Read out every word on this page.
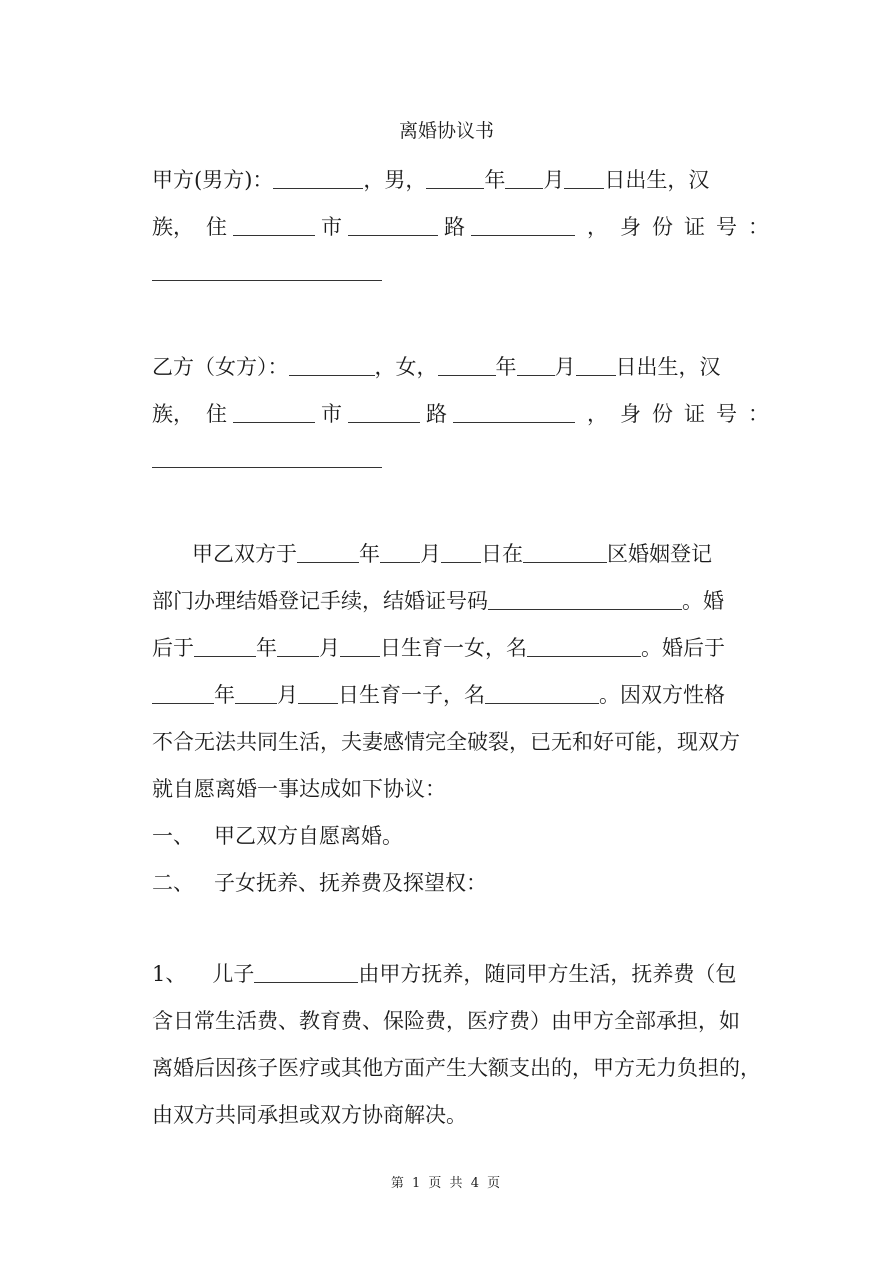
离婚协议书
甲方(男方)：	，男，	年 月 日出生，汉
族， 住	市	路	， 身份证号：
乙方（女方）：	，女，	年 月 日出生，汉
族， 住	市	路	， 身份证号：
甲乙双方于	年 月 日在	区婚姻登记
部门办理结婚登记手续，结婚证号码	。婚
后于	年 月 日生育一女，名	。婚后于
年 月 日生育一子，名	。因双方性格
不合无法共同生活，夫妻感情完全破裂，已无和好可能，现双方
就自愿离婚一事达成如下协议：
一、 甲乙双方自愿离婚。
二、 子女抚养、抚养费及探望权：
1、 儿子	由甲方抚养，随同甲方生活，抚养费（包
含日常生活费、教育费、保险费，医疗费）由甲方全部承担，如
离婚后因孩子医疗或其他方面产生大额支出的，甲方无力负担的，
由双方共同承担或双方协商解决。
第 1 页 共 4 页
